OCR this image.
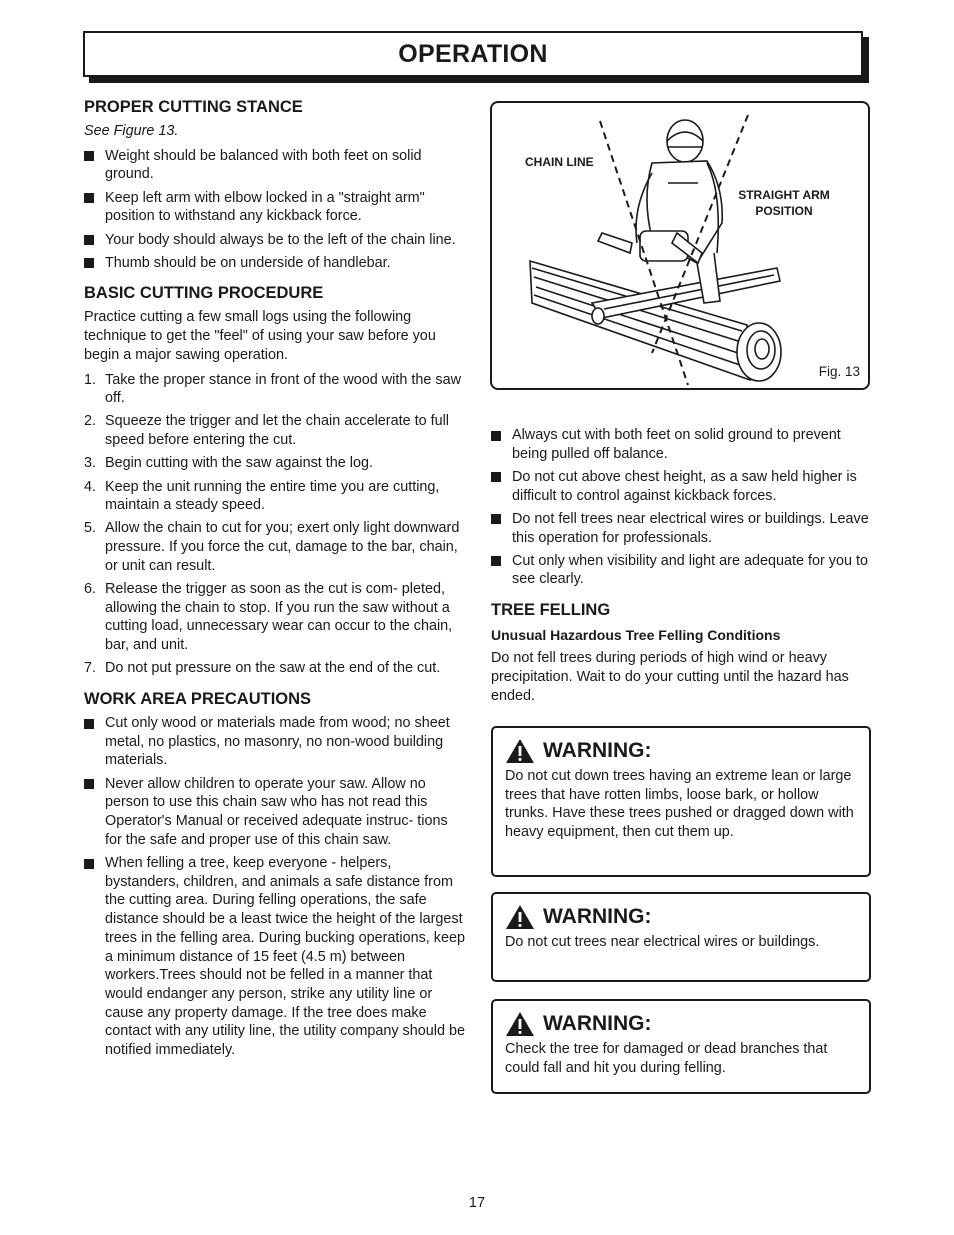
OPERATION
PROPER CUTTING STANCE
See Figure 13.
Weight should be balanced with both feet on solid ground.
Keep left arm with elbow locked in a "straight arm" position to withstand any kickback force.
Your body should always be to the left of the chain line.
Thumb should be on underside of handlebar.
BASIC CUTTING PROCEDURE
Practice cutting a few small logs using the following technique to get the "feel" of using your saw before you begin a major sawing operation.
1. Take the proper stance in front of the wood with the saw off.
2. Squeeze the trigger and let the chain accelerate to full speed before entering the cut.
3. Begin cutting with the saw against the log.
4. Keep the unit running the entire time you are cutting, maintain a steady speed.
5. Allow the chain to cut for you; exert only light downward pressure. If you force the cut, damage to the bar, chain, or unit can result.
6. Release the trigger as soon as the cut is com- pleted, allowing the chain to stop. If you run the saw without a cutting load, unnecessary wear can occur to the chain, bar, and unit.
7. Do not put pressure on the saw at the end of the cut.
WORK AREA PRECAUTIONS
Cut only wood or materials made from wood; no sheet metal, no plastics, no masonry, no non-wood building materials.
Never allow children to operate your saw. Allow no person to use this chain saw who has not read this Operator's Manual or received adequate instruc- tions for the safe and proper use of this chain saw.
When felling a tree, keep everyone - helpers, bystanders, children, and animals a safe distance from the cutting area. During felling operations, the safe distance should be a least twice the height of the largest trees in the felling area. During bucking operations, keep a minimum distance of 15 feet (4.5 m) between workers.Trees should not be felled in a manner that would endanger any person, strike any utility line or cause any property damage. If the tree does make contact with any utility line, the utility company should be notified immediately.
CHAIN LINE
STRAIGHT ARM
POSITION
Fig. 13
Always cut with both feet on solid ground to prevent being pulled off balance.
Do not cut above chest height, as a saw held higher is difficult to control against kickback forces.
Do not fell trees near electrical wires or buildings. Leave this operation for professionals.
Cut only when visibility and light are adequate for you to see clearly.
TREE FELLING
Unusual Hazardous Tree Felling Conditions
Do not fell trees during periods of high wind or heavy precipitation. Wait to do your cutting until the hazard has ended.
WARNING:
Do not cut down trees having an extreme lean or large trees that have rotten limbs, loose bark, or hollow trunks. Have these trees pushed or dragged down with heavy equipment, then cut them up.
WARNING:
Do not cut trees near electrical wires or buildings.
WARNING:
Check the tree for damaged or dead branches that could fall and hit you during felling.
17
